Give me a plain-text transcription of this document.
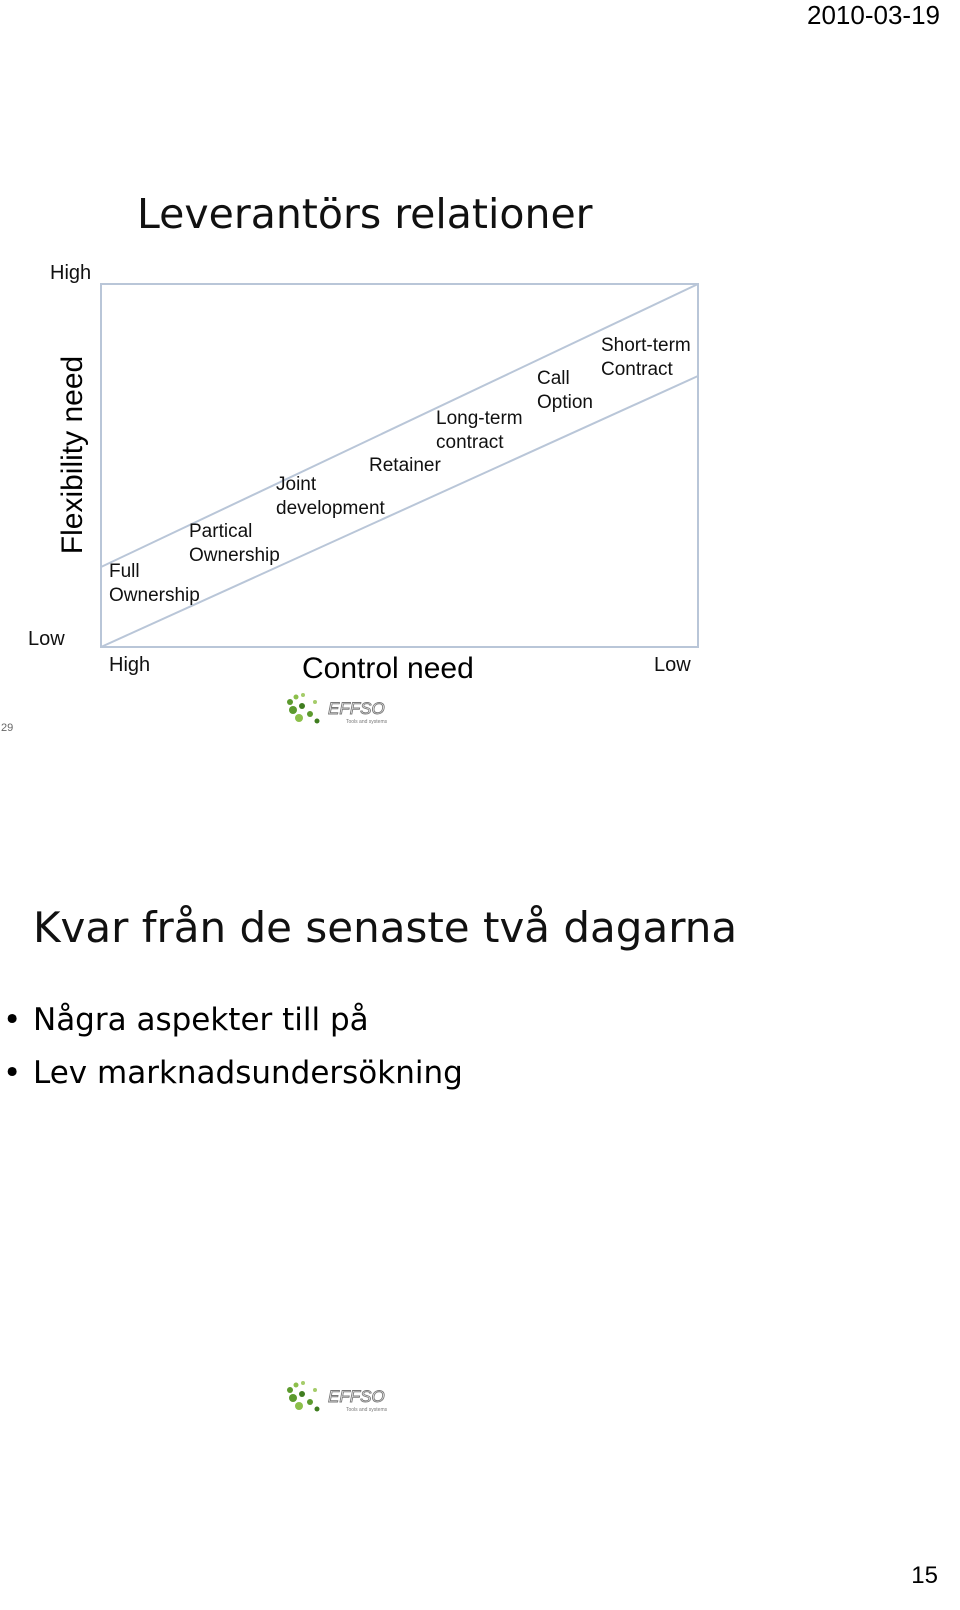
2010-03-19
Leverantörs relationer
High
Low
Flexibility need
Full
Ownership
Partical
Ownership
Joint
development
Retainer
Long-term
contract
Call
Option
Short-term
Contract
High	Control need	Low
29
EFFSO
Tools and systems
Kvar från de senaste två dagarna
• Några aspekter till på
• Lev marknadsundersökning
EFFSO
Tools and systems
15
